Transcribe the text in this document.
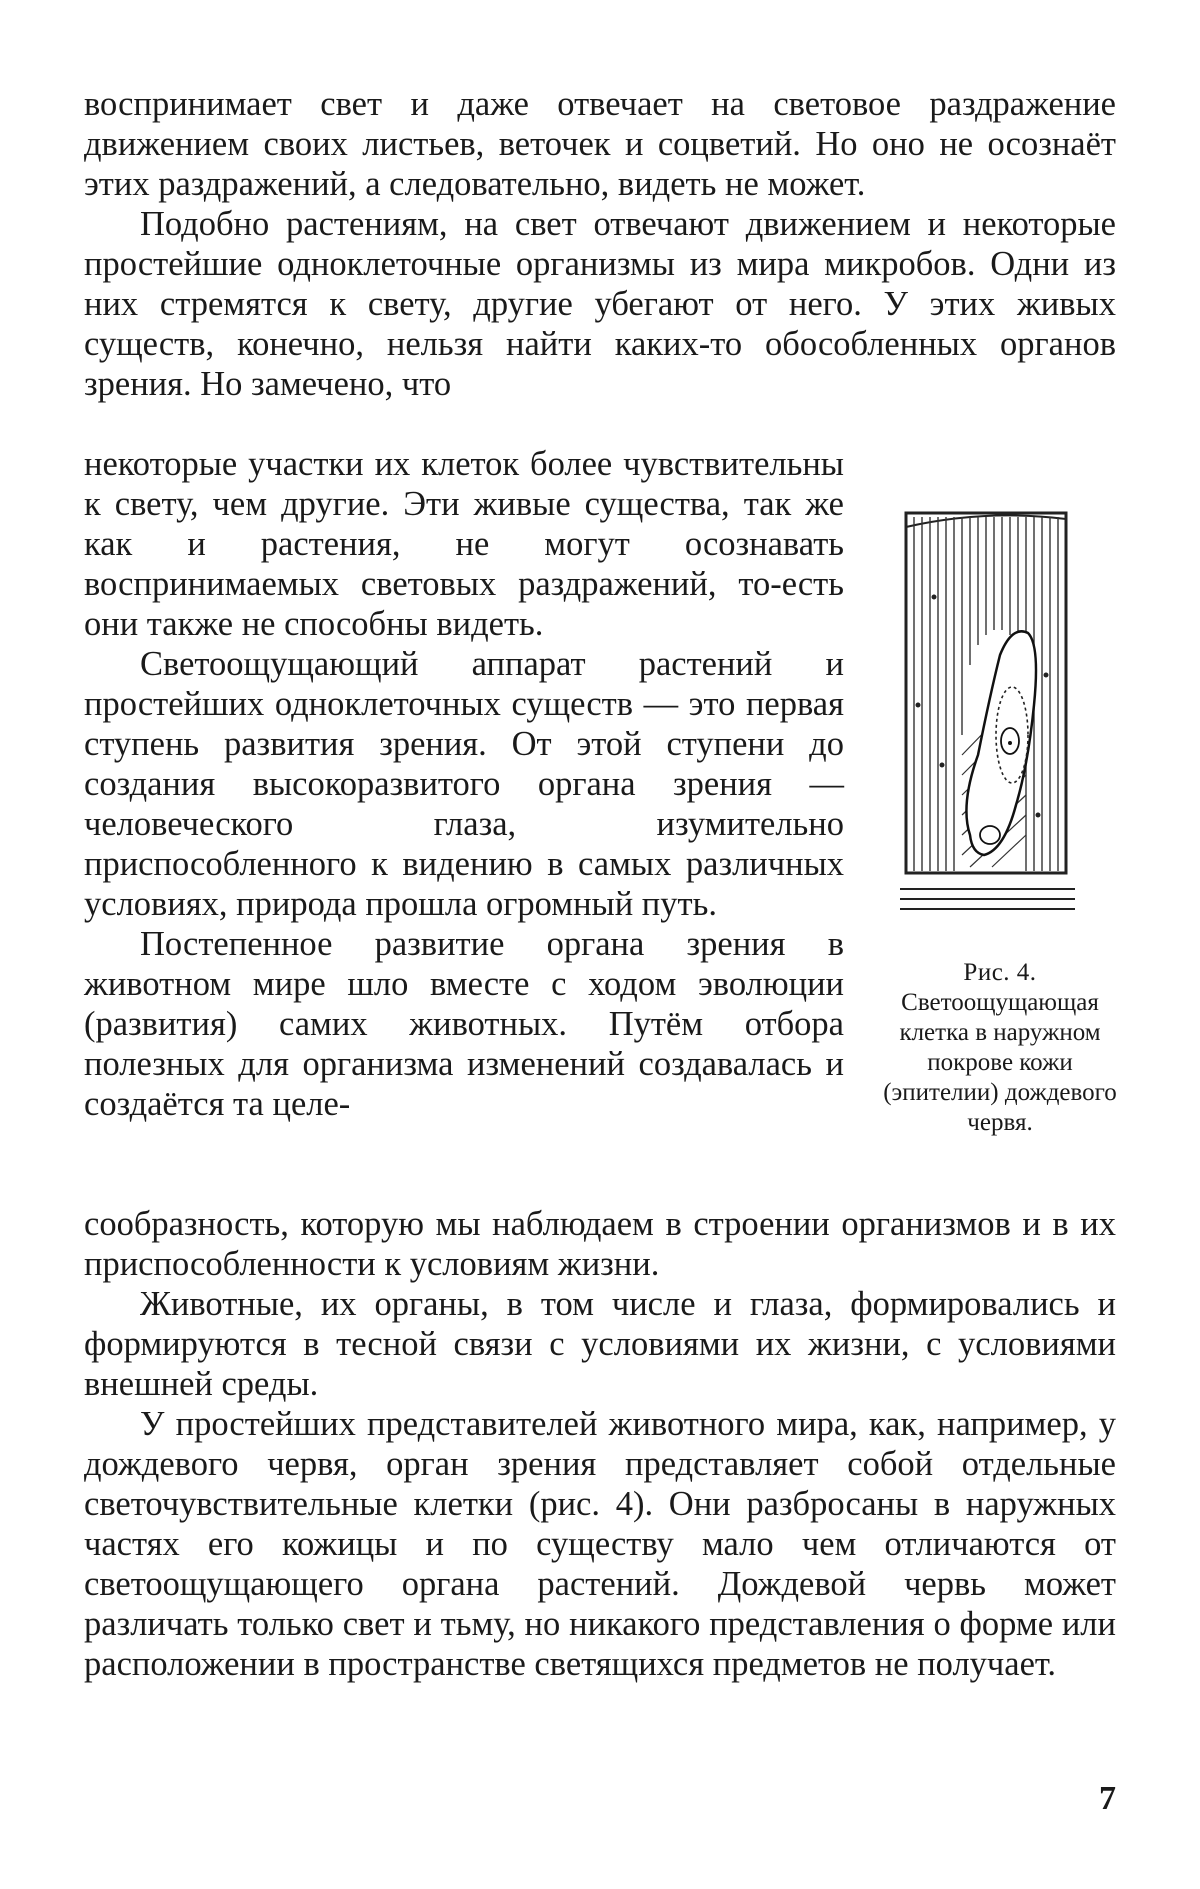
воспринимает свет и даже отвечает на световое раздражение движением своих листьев, веточек и соцветий. Но оно не осознаёт этих раздражений, а следовательно, видеть не может.

Подобно растениям, на свет отвечают движением и некоторые простейшие одноклеточные организмы из мира микробов. Одни из них стремятся к свету, другие убегают от него. У этих живых существ, конечно, нельзя найти каких-то обособленных органов зрения. Но замечено, что

некоторые участки их клеток более чувствительны к свету, чем другие. Эти живые существа, так же как и растения, не могут осознавать воспринимаемых световых раздражений, то-есть они также не способны видеть.

Светоощущающий аппарат растений и простейших одноклеточных существ — это первая ступень развития зрения. От этой ступени до создания высокоразвитого органа зрения — человеческого глаза, изумительно приспособленного к видению в самых различных условиях, природа прошла огромный путь.

Постепенное развитие органа зрения в животном мире шло вместе с ходом эволюции (развития) самих животных. Путём отбора полезных для организма изменений создавалась и создаётся та целе-

Рис. 4. Светоощущающая клетка в наружном покрове кожи (эпителии) дождевого червя.

сообразность, которую мы наблюдаем в строении организмов и в их приспособленности к условиям жизни.

Животные, их органы, в том числе и глаза, формировались и формируются в тесной связи с условиями их жизни, с условиями внешней среды.

У простейших представителей животного мира, как, например, у дождевого червя, орган зрения представляет собой отдельные светочувствительные клетки (рис. 4). Они разбросаны в наружных частях его кожицы и по существу мало чем отличаются от светоощущающего органа растений. Дождевой червь может различать только свет и тьму, но никакого представления о форме или расположении в пространстве светящихся предметов не получает.

7
